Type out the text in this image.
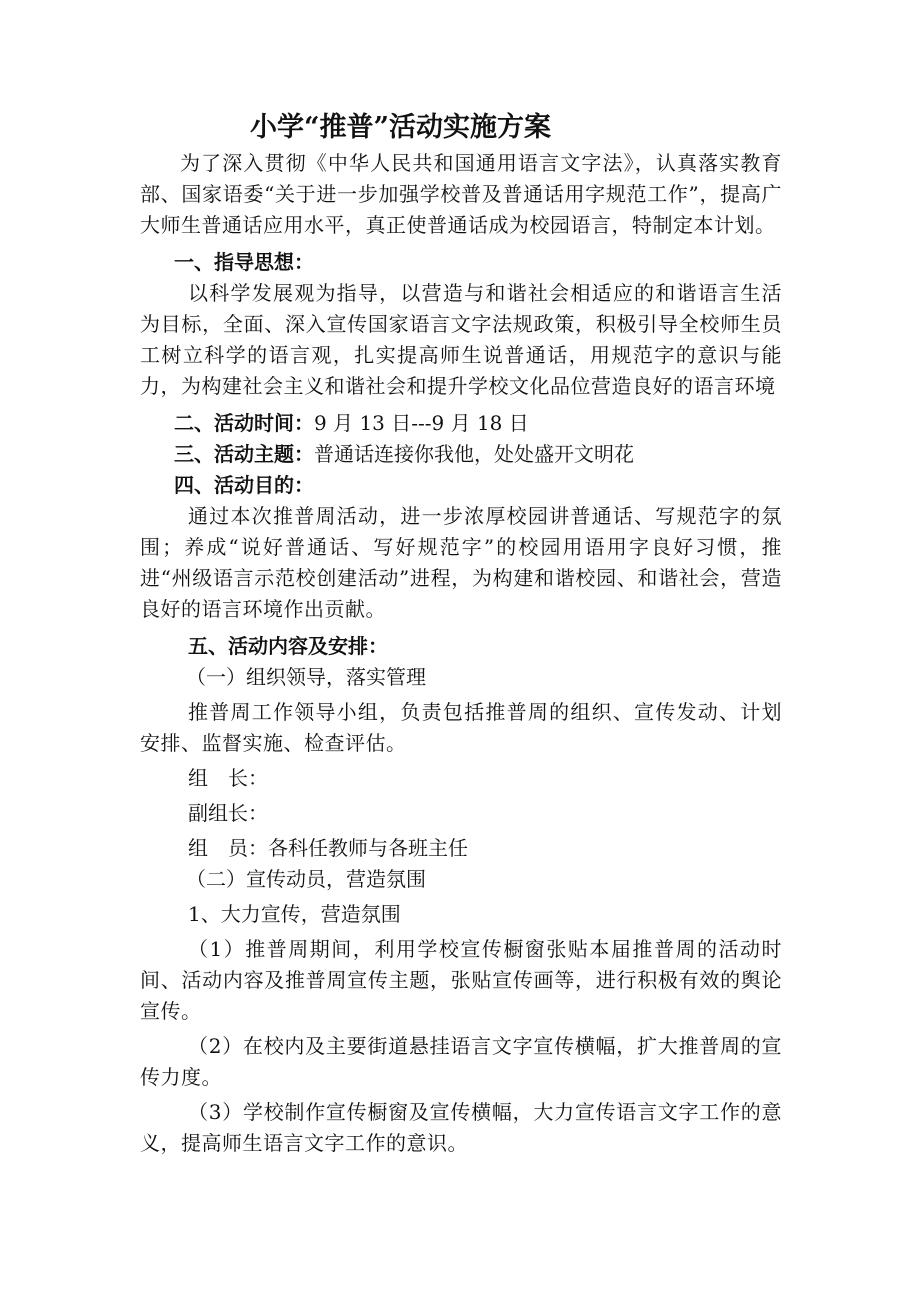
小学“推普”活动实施方案

为了深入贯彻《中华人民共和国通用语言文字法》，认真落实教育部、国家语委“关于进一步加强学校普及普通话用字规范工作”，提高广大师生普通话应用水平，真正使普通话成为校园语言，特制定本计划。

一、指导思想：

以科学发展观为指导，以营造与和谐社会相适应的和谐语言生活为目标，全面、深入宣传国家语言文字法规政策，积极引导全校师生员工树立科学的语言观，扎实提高师生说普通话，用规范字的意识与能力，为构建社会主义和谐社会和提升学校文化品位营造良好的语言环境

二、活动时间：9 月 13 日---9 月 18 日
三、活动主题：普通话连接你我他，处处盛开文明花
四、活动目的：

通过本次推普周活动，进一步浓厚校园讲普通话、写规范字的氛围；养成“说好普通话、写好规范字”的校园用语用字良好习惯，推进“州级语言示范校创建活动”进程，为构建和谐校园、和谐社会，营造良好的语言环境作出贡献。

五、活动内容及安排：
（一）组织领导，落实管理

推普周工作领导小组，负责包括推普周的组织、宣传发动、计划安排、监督实施、检查评估。

组　长：
副组长：
组　员：各科任教师与各班主任
（二）宣传动员，营造氛围
1、大力宣传，营造氛围

（1）推普周期间，利用学校宣传橱窗张贴本届推普周的活动时间、活动内容及推普周宣传主题，张贴宣传画等，进行积极有效的舆论宣传。

（2）在校内及主要街道悬挂语言文字宣传横幅，扩大推普周的宣传力度。

（3）学校制作宣传橱窗及宣传横幅，大力宣传语言文字工作的意义，提高师生语言文字工作的意识。
